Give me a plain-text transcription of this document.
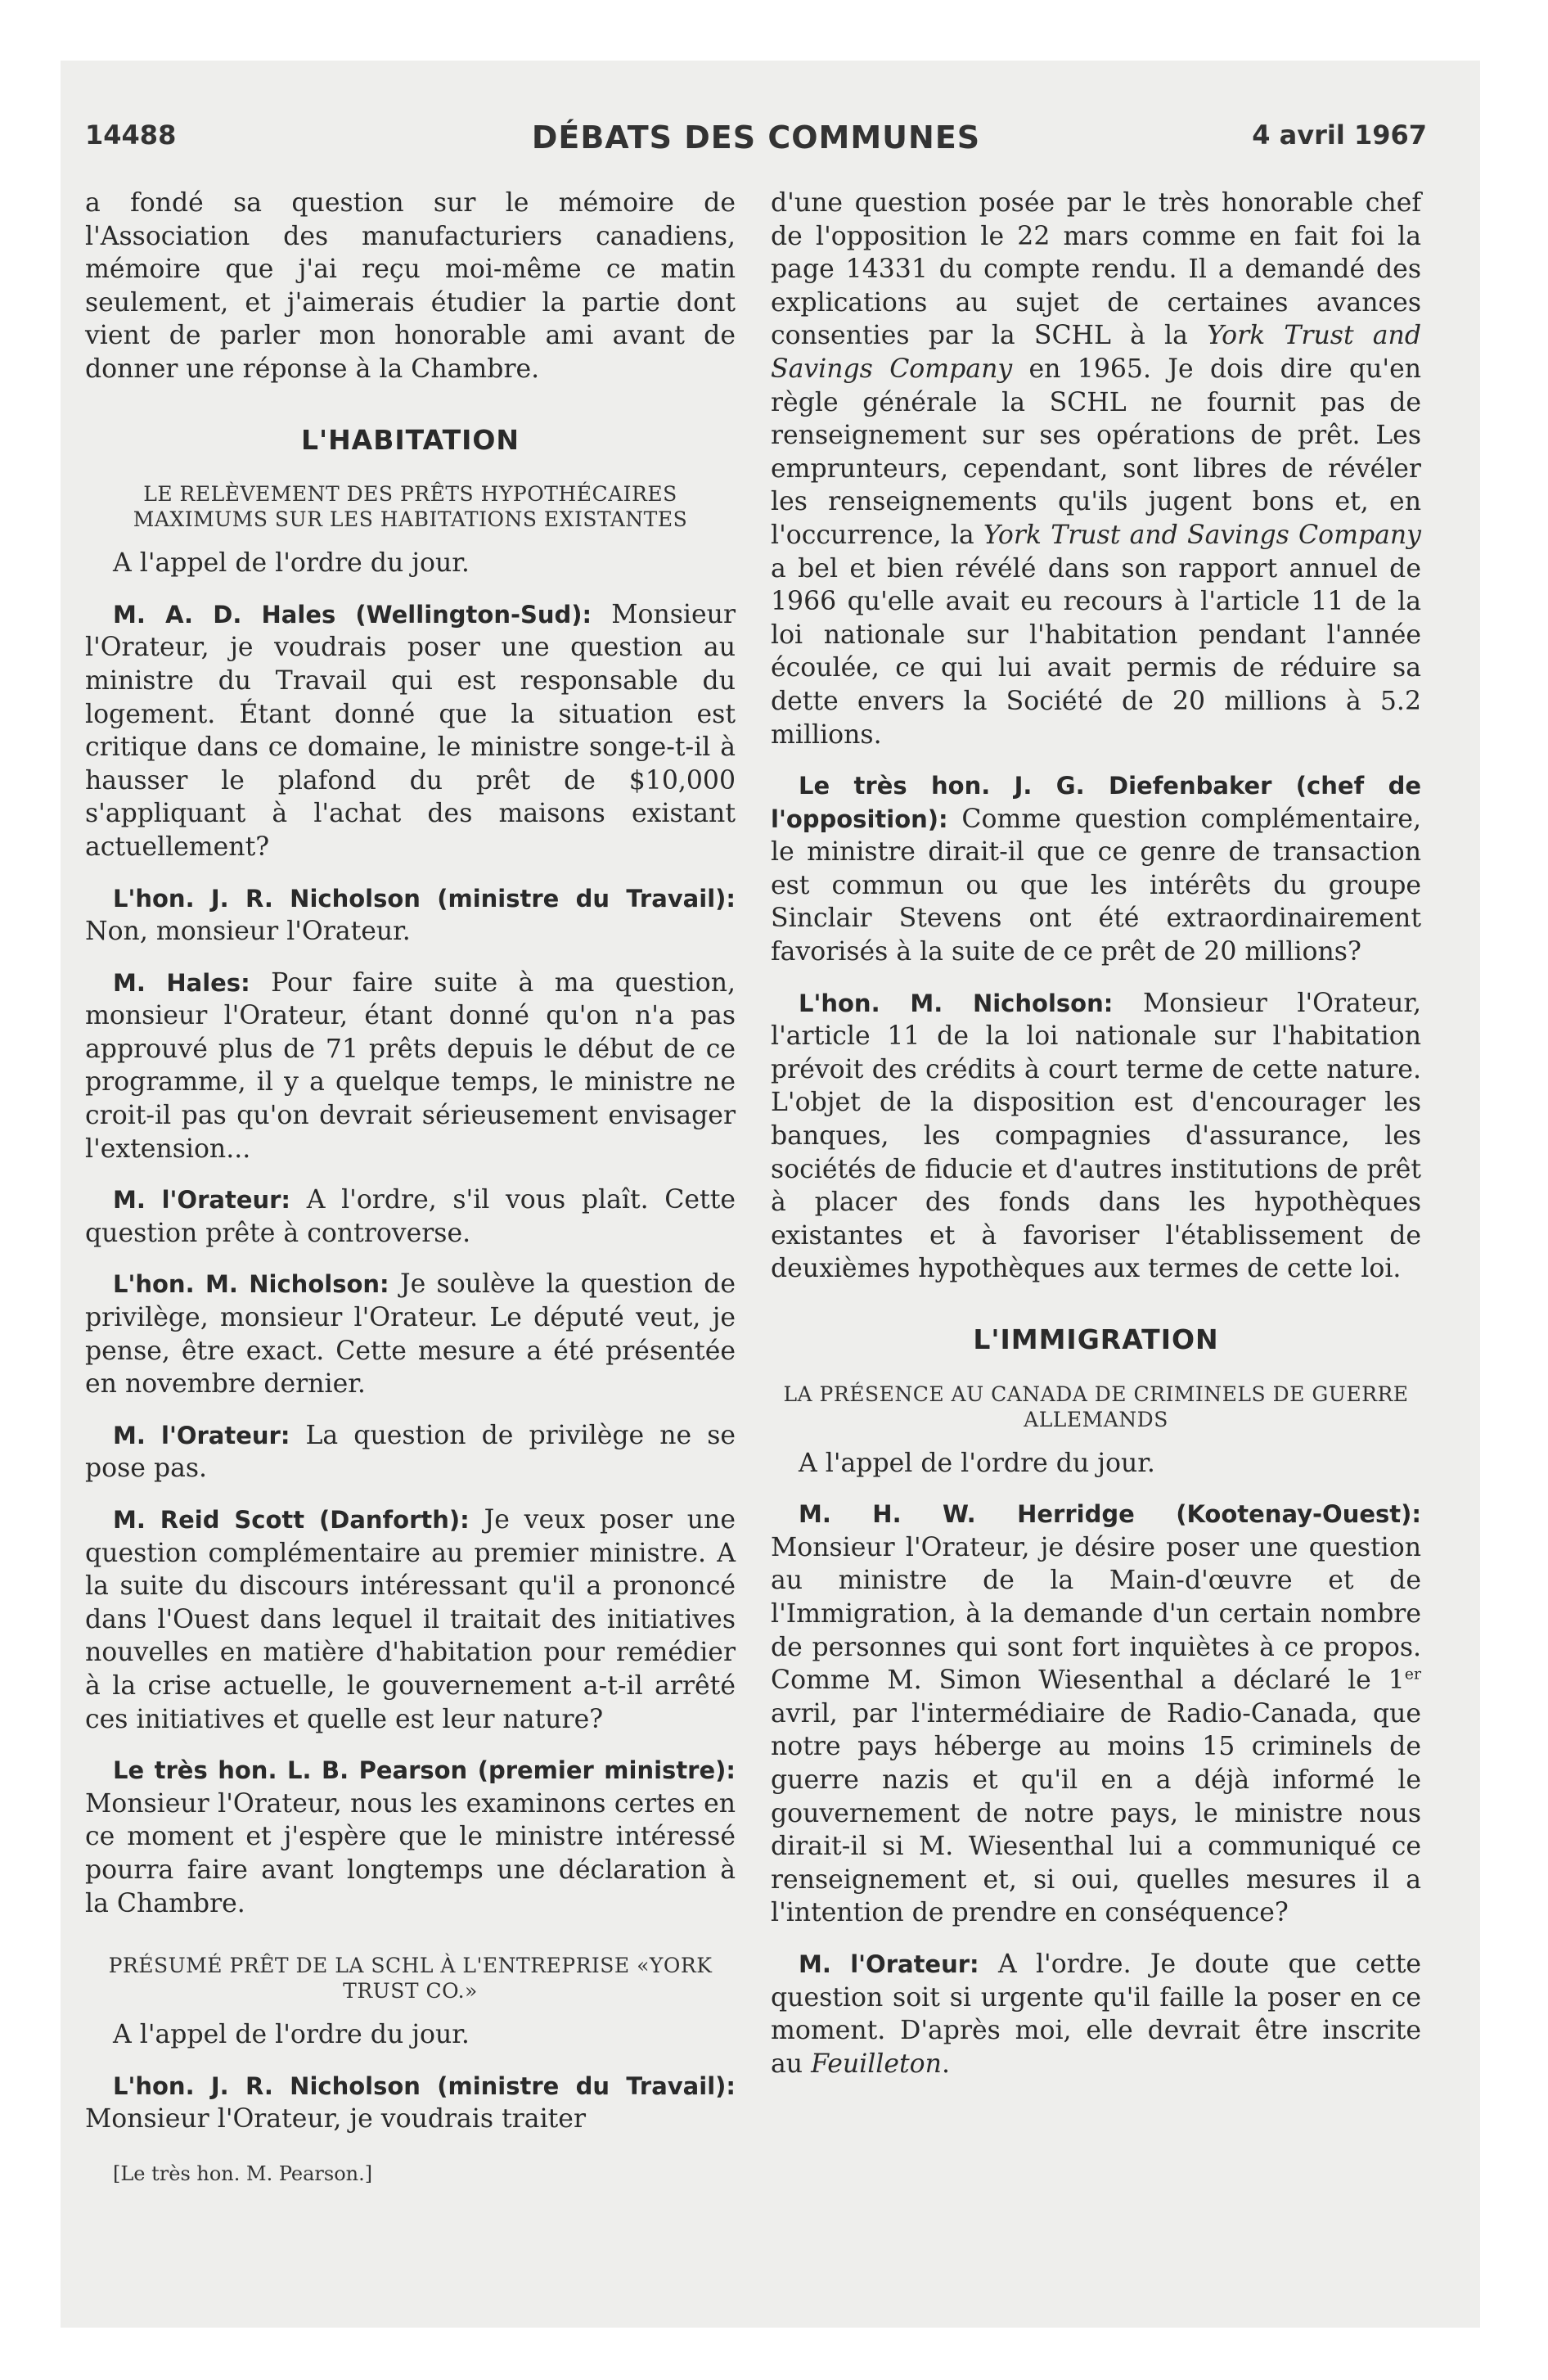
14488	DÉBATS DES COMMUNES	4 avril 1967

a fondé sa question sur le mémoire de l'Association des manufacturiers canadiens, mémoire que j'ai reçu moi-même ce matin seulement, et j'aimerais étudier la partie dont vient de parler mon honorable ami avant de donner une réponse à la Chambre.

L'HABITATION
LE RELÈVEMENT DES PRÊTS HYPOTHÉCAIRES MAXIMUMS SUR LES HABITATIONS EXISTANTES

A l'appel de l'ordre du jour.

M. A. D. Hales (Wellington-Sud): Monsieur l'Orateur, je voudrais poser une question au ministre du Travail qui est responsable du logement. Étant donné que la situation est critique dans ce domaine, le ministre songe-t-il à hausser le plafond du prêt de $10,000 s'appliquant à l'achat des maisons existant actuellement?

L'hon. J. R. Nicholson (ministre du Travail): Non, monsieur l'Orateur.

M. Hales: Pour faire suite à ma question, monsieur l'Orateur, étant donné qu'on n'a pas approuvé plus de 71 prêts depuis le début de ce programme, il y a quelque temps, le ministre ne croit-il pas qu'on devrait sérieusement envisager l'extension...

M. l'Orateur: A l'ordre, s'il vous plaît. Cette question prête à controverse.

L'hon. M. Nicholson: Je soulève la question de privilège, monsieur l'Orateur. Le député veut, je pense, être exact. Cette mesure a été présentée en novembre dernier.

M. l'Orateur: La question de privilège ne se pose pas.

M. Reid Scott (Danforth): Je veux poser une question complémentaire au premier ministre. A la suite du discours intéressant qu'il a prononcé dans l'Ouest dans lequel il traitait des initiatives nouvelles en matière d'habitation pour remédier à la crise actuelle, le gouvernement a-t-il arrêté ces initiatives et quelle est leur nature?

Le très hon. L. B. Pearson (premier ministre): Monsieur l'Orateur, nous les examinons certes en ce moment et j'espère que le ministre intéressé pourra faire avant longtemps une déclaration à la Chambre.

PRÉSUMÉ PRÊT DE LA SCHL À L'ENTREPRISE «YORK TRUST CO.»

A l'appel de l'ordre du jour.

L'hon. J. R. Nicholson (ministre du Travail): Monsieur l'Orateur, je voudrais traiter

[Le très hon. M. Pearson.]

d'une question posée par le très honorable chef de l'opposition le 22 mars comme en fait foi la page 14331 du compte rendu. Il a demandé des explications au sujet de certaines avances consenties par la SCHL à la York Trust and Savings Company en 1965. Je dois dire qu'en règle générale la SCHL ne fournit pas de renseignement sur ses opérations de prêt. Les emprunteurs, cependant, sont libres de révéler les renseignements qu'ils jugent bons et, en l'occurrence, la York Trust and Savings Company a bel et bien révélé dans son rapport annuel de 1966 qu'elle avait eu recours à l'article 11 de la loi nationale sur l'habitation pendant l'année écoulée, ce qui lui avait permis de réduire sa dette envers la Société de 20 millions à 5.2 millions.

Le très hon. J. G. Diefenbaker (chef de l'opposition): Comme question complémentaire, le ministre dirait-il que ce genre de transaction est commun ou que les intérêts du groupe Sinclair Stevens ont été extraordinairement favorisés à la suite de ce prêt de 20 millions?

L'hon. M. Nicholson: Monsieur l'Orateur, l'article 11 de la loi nationale sur l'habitation prévoit des crédits à court terme de cette nature. L'objet de la disposition est d'encourager les banques, les compagnies d'assurance, les sociétés de fiducie et d'autres institutions de prêt à placer des fonds dans les hypothèques existantes et à favoriser l'établissement de deuxièmes hypothèques aux termes de cette loi.

L'IMMIGRATION
LA PRÉSENCE AU CANADA DE CRIMINELS DE GUERRE ALLEMANDS

A l'appel de l'ordre du jour.

M. H. W. Herridge (Kootenay-Ouest): Monsieur l'Orateur, je désire poser une question au ministre de la Main-d'œuvre et de l'Immigration, à la demande d'un certain nombre de personnes qui sont fort inquiètes à ce propos. Comme M. Simon Wiesenthal a déclaré le 1er avril, par l'intermédiaire de Radio-Canada, que notre pays héberge au moins 15 criminels de guerre nazis et qu'il en a déjà informé le gouvernement de notre pays, le ministre nous dirait-il si M. Wiesenthal lui a communiqué ce renseignement et, si oui, quelles mesures il a l'intention de prendre en conséquence?

M. l'Orateur: A l'ordre. Je doute que cette question soit si urgente qu'il faille la poser en ce moment. D'après moi, elle devrait être inscrite au Feuilleton.
